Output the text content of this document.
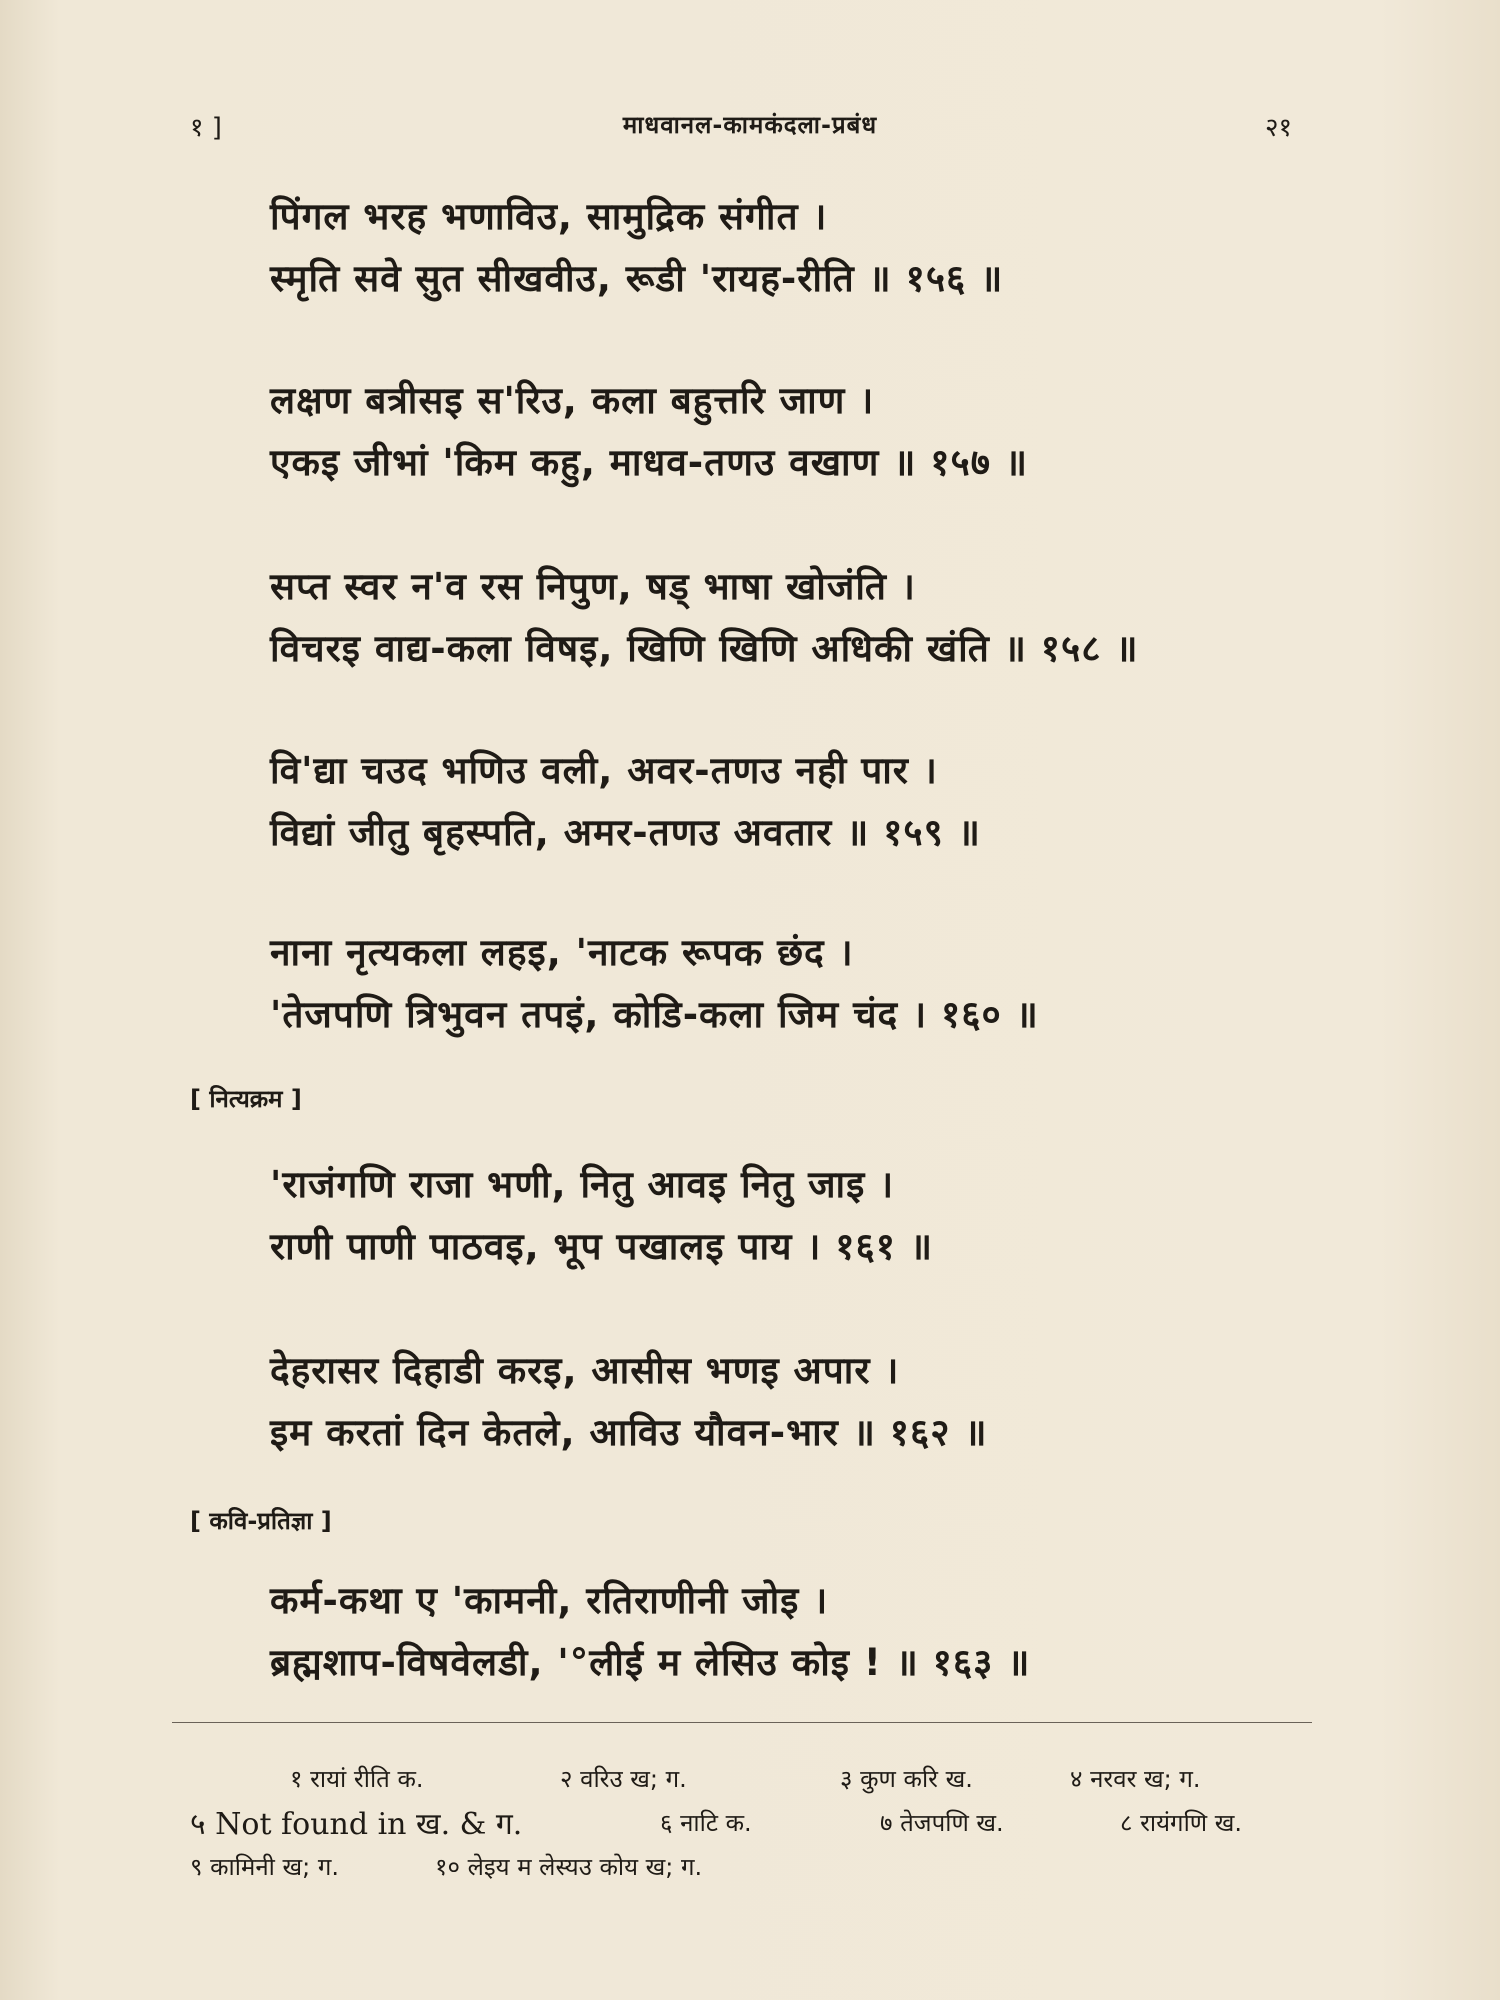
१ ]	माधवानल-कामकंदला-प्रबंध	२१
पिंगल भरह भणाविउ, सामुद्रिक संगीत ।
स्मृति सवे सुत सीखवीउ, रूडी 'रायह-रीति ॥ १५६ ॥
लक्षण बत्रीसइ स'रिउ, कला बहुत्तरि जाण ।
एकइ जीभां 'किम कहु, माधव-तणउ वखाण ॥ १५७ ॥
सप्त स्वर न'व रस निपुण, षड् भाषा खोजंति ।
विचरइ वाद्य-कला विषइ, खिणि खिणि अधिकी खंति ॥ १५८ ॥
वि'द्या चउद भणिउ वली, अवर-तणउ नही पार ।
विद्यां जीतु बृहस्पति, अमर-तणउ अवतार ॥ १५९ ॥
नाना नृत्यकला लहइ, 'नाटक रूपक छंद ।
'तेजपणि त्रिभुवन तपइं, कोडि-कला जिम चंद । १६० ॥
[ नित्यक्रम ]
'राजंगणि राजा भणी, नितु आवइ नितु जाइ ।
राणी पाणी पाठवइ, भूप पखालइ पाय । १६१ ॥
देहरासर दिहाडी करइ, आसीस भणइ अपार ।
इम करतां दिन केतले, आविउ यौवन-भार ॥ १६२ ॥
[ कवि-प्रतिज्ञा ]
कर्म-कथा ए 'कामनी, रतिराणीनी जोइ ।
ब्रह्मशाप-विषवेलडी, '°लीई म लेसिउ कोइ ! ॥ १६३ ॥
१ रायां रीति क.	२ वरिउ ख; ग.	३ कुण करि ख.	४ नरवर ख; ग.
५ Not found in ख. & ग.	६ नाटि क.	७ तेजपणि ख.	८ रायंगणि ख.
९ कामिनी ख; ग.	१० लेइय म लेस्यउ कोय ख; ग.
